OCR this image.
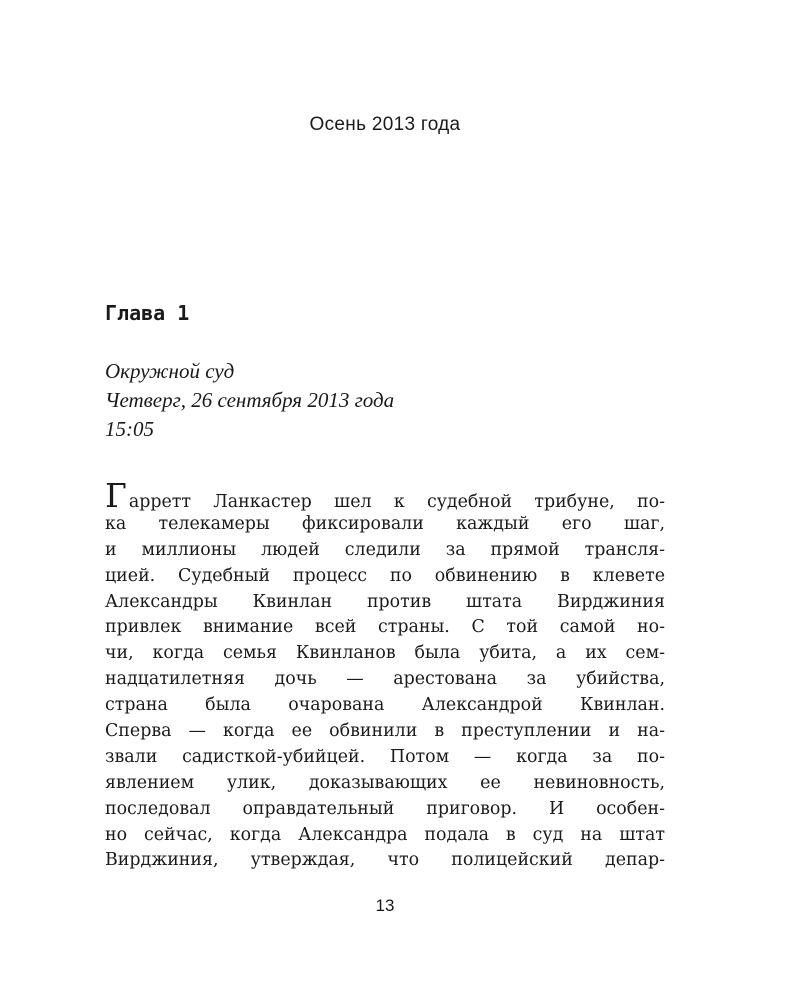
Осень 2013 года
Глава 1
Окружной суд
Четверг, 26 сентября 2013 года
15:05
Гарретт Ланкастер шел к судебной трибуне, по-
ка телекамеры фиксировали каждый его шаг,
и миллионы людей следили за прямой трансля-
цией. Судебный процесс по обвинению в клевете
Александры Квинлан против штата Вирджиния
привлек внимание всей страны. С той самой но-
чи, когда семья Квинланов была убита, а их сем-
надцатилетняя дочь — арестована за убийства,
страна была очарована Александрой Квинлан.
Сперва — когда ее обвинили в преступлении и на-
звали садисткой-убийцей. Потом — когда за по-
явлением улик, доказывающих ее невиновность,
последовал оправдательный приговор. И особен-
но сейчас, когда Александра подала в суд на штат
Вирджиния, утверждая, что полицейский депар-
13
